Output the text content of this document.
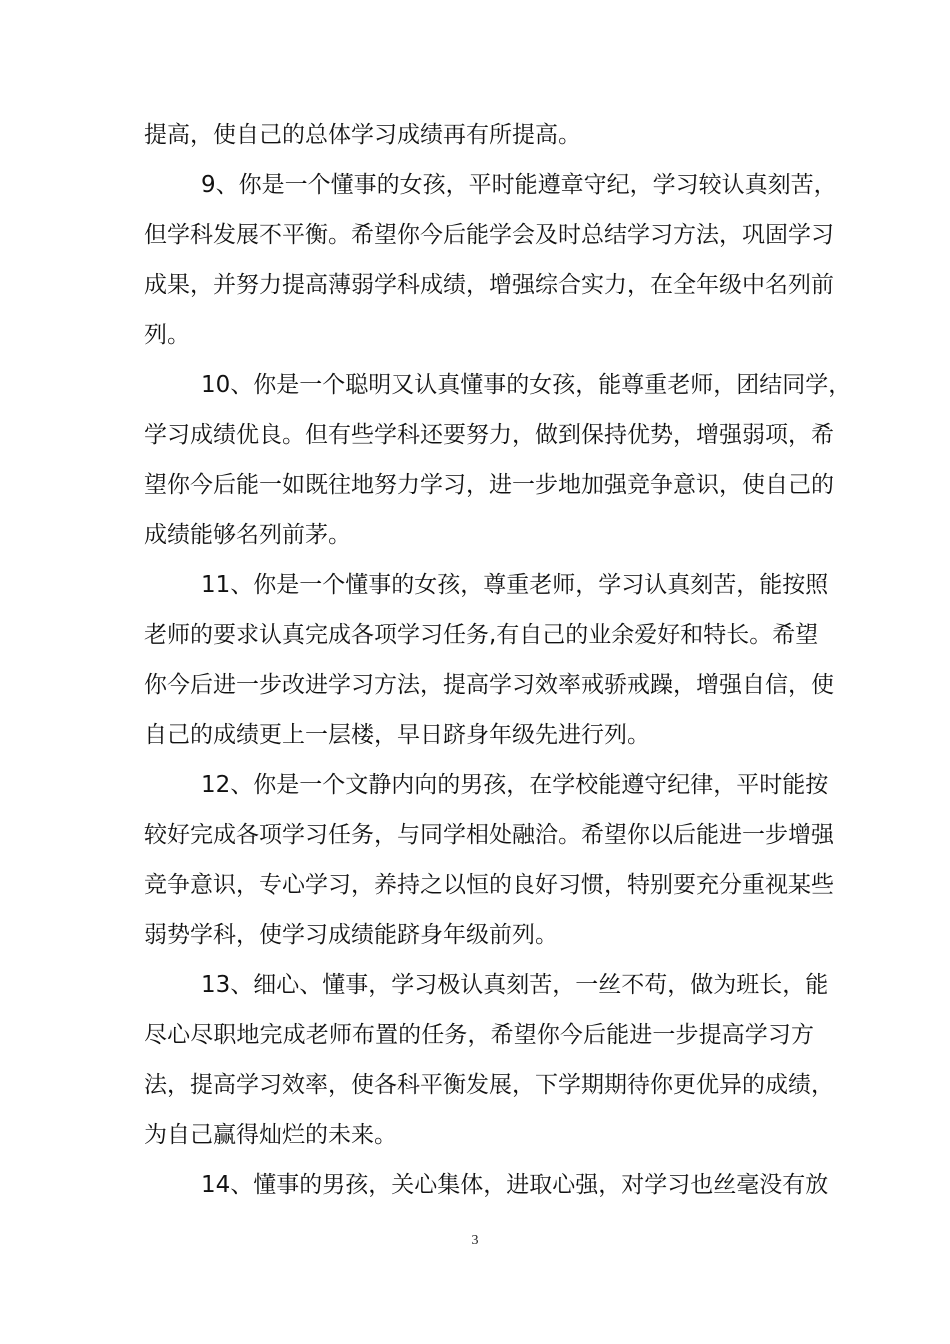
提高，使自己的总体学习成绩再有所提高。
9、你是一个懂事的女孩，平时能遵章守纪，学习较认真刻苦，
但学科发展不平衡。希望你今后能学会及时总结学习方法，巩固学习
成果，并努力提高薄弱学科成绩，增强综合实力，在全年级中名列前
列。
10、你是一个聪明又认真懂事的女孩，能尊重老师，团结同学，
学习成绩优良。但有些学科还要努力，做到保持优势，增强弱项，希
望你今后能一如既往地努力学习，进一步地加强竞争意识，使自己的
成绩能够名列前茅。
11、你是一个懂事的女孩，尊重老师，学习认真刻苦，能按照
老师的要求认真完成各项学习任务,有自己的业余爱好和特长。希望
你今后进一步改进学习方法，提高学习效率戒骄戒躁，增强自信，使
自己的成绩更上一层楼，早日跻身年级先进行列。
12、你是一个文静内向的男孩，在学校能遵守纪律，平时能按
较好完成各项学习任务，与同学相处融洽。希望你以后能进一步增强
竞争意识，专心学习，养持之以恒的良好习惯，特别要充分重视某些
弱势学科，使学习成绩能跻身年级前列。
13、细心、懂事，学习极认真刻苦，一丝不苟，做为班长，能
尽心尽职地完成老师布置的任务，希望你今后能进一步提高学习方
法，提高学习效率，使各科平衡发展，下学期期待你更优异的成绩，
为自己赢得灿烂的未来。
14、懂事的男孩，关心集体，进取心强，对学习也丝毫没有放
3
